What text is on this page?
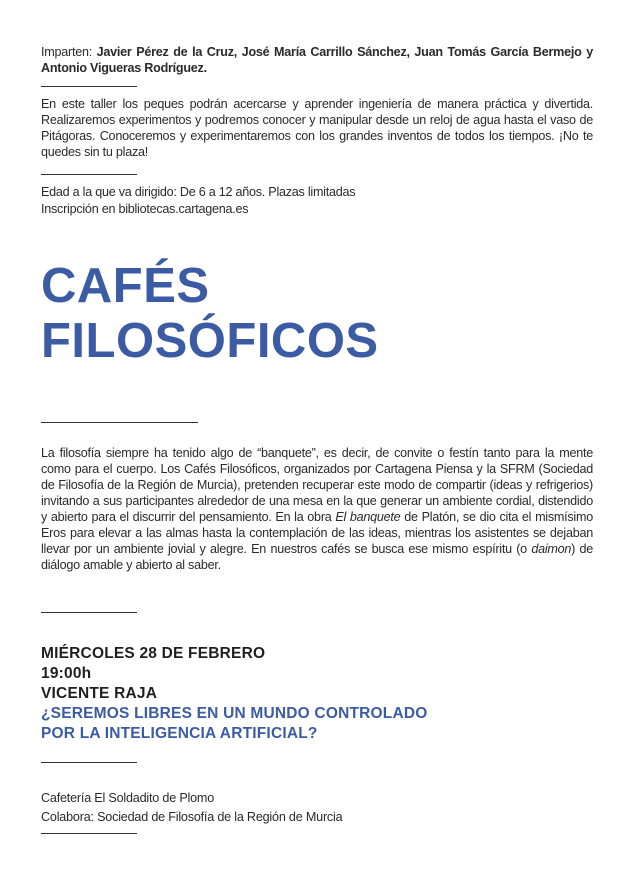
Imparten: Javier Pérez de la Cruz, José María Carrillo Sánchez, Juan Tomás García Bermejo y Antonio Vigueras Rodríguez.

En este taller los peques podrán acercarse y aprender ingeniería de manera práctica y divertida. Realizaremos experimentos y podremos conocer y manipular desde un reloj de agua hasta el vaso de Pitágoras. Conoceremos y experimentaremos con los grandes inventos de todos los tiempos. ¡No te quedes sin tu plaza!

Edad a la que va dirigido: De 6 a 12 años. Plazas limitadas

Inscripción en bibliotecas.cartagena.es

CAFÉS
FILOSÓFICOS

La filosofía siempre ha tenido algo de “banquete”, es decir, de convite o festín tanto para la mente como para el cuerpo. Los Cafés Filosóficos, organizados por Cartagena Piensa y la SFRM (Sociedad de Filosofía de la Región de Murcia), pretenden recuperar este modo de compartir (ideas y refrigerios) invitando a sus participantes alrededor de una mesa en la que generar un ambiente cordial, distendido y abierto para el discurrir del pensamiento. En la obra El banquete de Platón, se dio cita el mismísimo Eros para elevar a las almas hasta la contemplación de las ideas, mientras los asistentes se dejaban llevar por un ambiente jovial y alegre. En nuestros cafés se busca ese mismo espíritu (o daimon) de diálogo amable y abierto al saber.

MIÉRCOLES 28 DE FEBRERO
19:00h
VICENTE RAJA
¿SEREMOS LIBRES EN UN MUNDO CONTROLADO
POR LA INTELIGENCIA ARTIFICIAL?
Cafetería El Soldadito de Plomo
Colabora: Sociedad de Filosofía de la Región de Murcia
